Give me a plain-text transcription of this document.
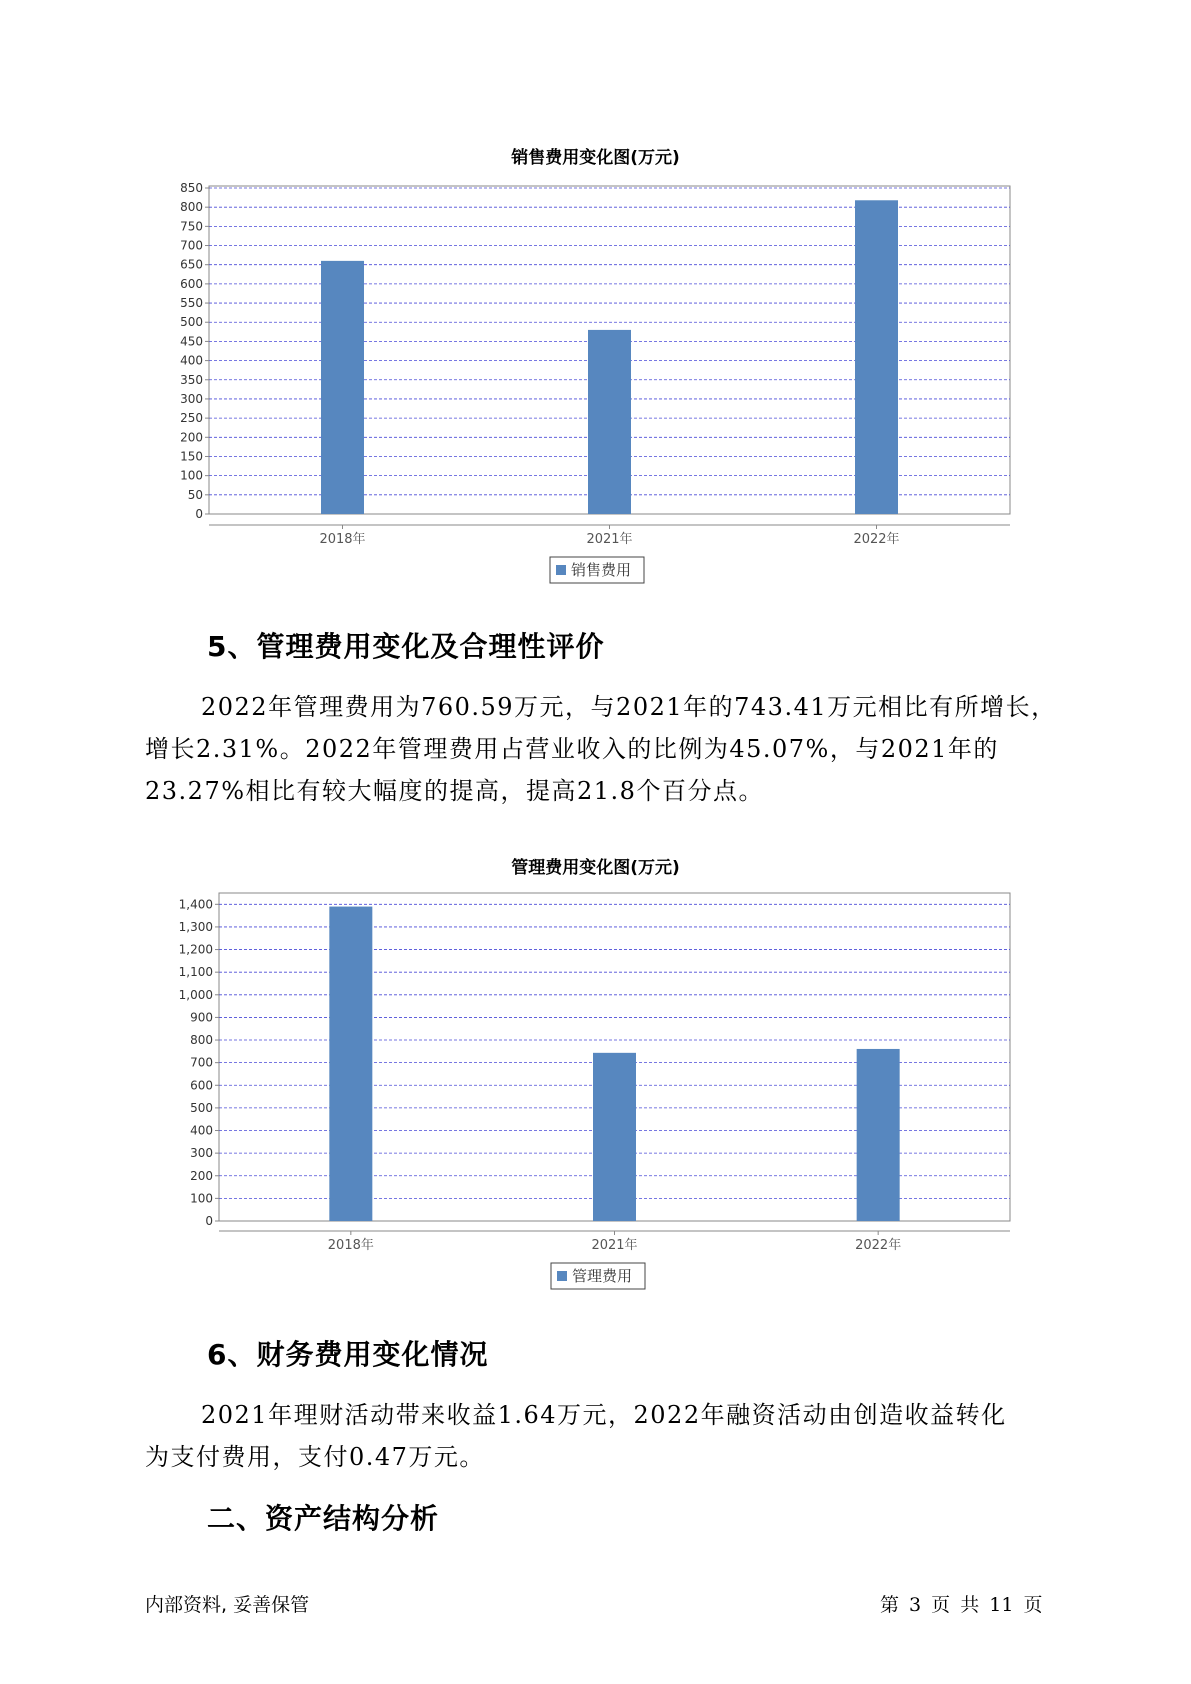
销售费用变化图(万元)
0
50
100
150
200
250
300
350
400
450
500
550
600
650
700
750
800
850
2018年	2021年	2022年
销售费用
5、管理费用变化及合理性评价

2022年管理费用为760.59万元，与2021年的743.41万元相比有所增长，

增长2.31%。2022年管理费用占营业收入的比例为45.07%，与2021年的

23.27%相比有较大幅度的提高，提高21.8个百分点。

管理费用变化图(万元)
0
100
200
300
400
500
600
700
800
900
1,000
1,100
1,200
1,300
1,400
2018年	2021年	2022年
管理费用
6、财务费用变化情况

2021年理财活动带来收益1.64万元，2022年融资活动由创造收益转化

为支付费用，支付0.47万元。

二、资产结构分析
内部资料, 妥善保管	第 3 页 共 11 页
